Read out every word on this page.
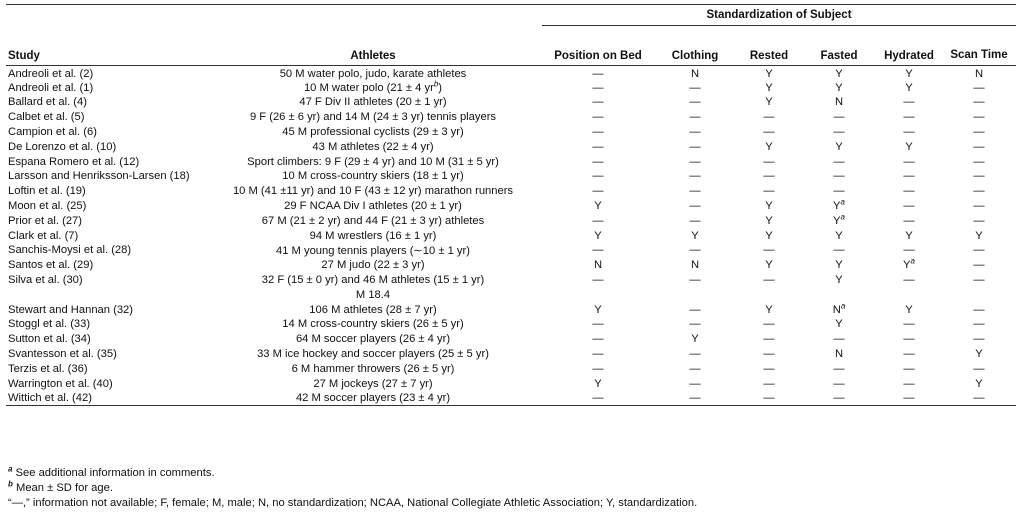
		Standardization of Subject					
Study	Athletes	Position on Bed	Clothing	Rested	Fasted	Hydrated	Scan Time
Andreoli et al. (2)	50 M water polo, judo, karate athletes	—	N	Y	Y	Y	N
Andreoli et al. (1)	10 M water polo (21 ± 4 $yr^b$)	—	—	Y	Y	Y	—
Ballard et al. (4)	47 F Div II athletes (20 ± 1 yr)	—	—	Y	N	—	—
Calbet et al. (5)	9 F (26 ± 6 yr) and 14 M (24 ± 3 yr) tennis players	—	—	—	—	—	—
Campion et al. (6)	45 M professional cyclists (29 ± 3 yr)	—	—	—	—	—	—
De Lorenzo et al. (10)	43 M athletes (22 ± 4 yr)	—	—	Y	Y	Y	—
Espana Romero et al. (12)	Sport climbers: 9 F (29 ± 4 yr) and 10 M (31 ± 5 yr)	—	—	—	—	—	—
Larsson and Henriksson-Larsen (18)	10 M cross-country skiers (18 ± 1 yr)	—	—	—	—	—	—
Loftin et al. (19)	10 M (41 ±11 yr) and 10 F (43 ± 12 yr) marathon runners	—	—	—	—	—	—
Moon et al. (25)	29 F NCAA Div I athletes (20 ± 1 yr)	Y	—	Y	$Y^a$	—	—
Prior et al. (27)	67 M (21 ± 2 yr) and 44 F (21 ± 3 yr) athletes	—	—	Y	$Y^a$	—	—
Clark et al. (7)	94 M wrestlers (16 ± 1 yr)	Y	Y	Y	Y	Y	Y
Sanchis-Moysi et al. (28)	41 M young tennis players (∼10 ± 1 yr)	—	—	—	—	—	—
Santos et al. (29)	27 M judo (22 ± 3 yr)	N	N	Y	Y	$Y^a$	—
Silva et al. (30)	32 F (15 ± 0 yr) and 46 M athletes (15 ± 1 yr)	—	—	—	Y	—	—
	M 18.4						
Stewart and Hannan (32)	106 M athletes (28 ± 7 yr)	Y	—	Y	$N^a$	Y	—
Stoggl et al. (33)	14 M cross-country skiers (26 ± 5 yr)	—	—	—	Y	—	—
Sutton et al. (34)	64 M soccer players (26 ± 4 yr)	—	Y	—	—	—	—
Svantesson et al. (35)	33 M ice hockey and soccer players (25 ± 5 yr)	—	—	—	N	—	Y
Terzis et al. (36)	6 M hammer throwers (26 ± 5 yr)	—	—	—	—	—	—
Warrington et al. (40)	27 M jockeys (27 ± 7 yr)	Y	—	—	—	—	Y
Wittich et al. (42)	42 M soccer players (23 ± 4 yr)	—	—	—	—	—	—
$^a$ See additional information in comments.
$^b$ Mean ± SD for age.
“—,” information not available; F, female; M, male; N, no standardization; NCAA, National Collegiate Athletic Association; Y, standardization.
